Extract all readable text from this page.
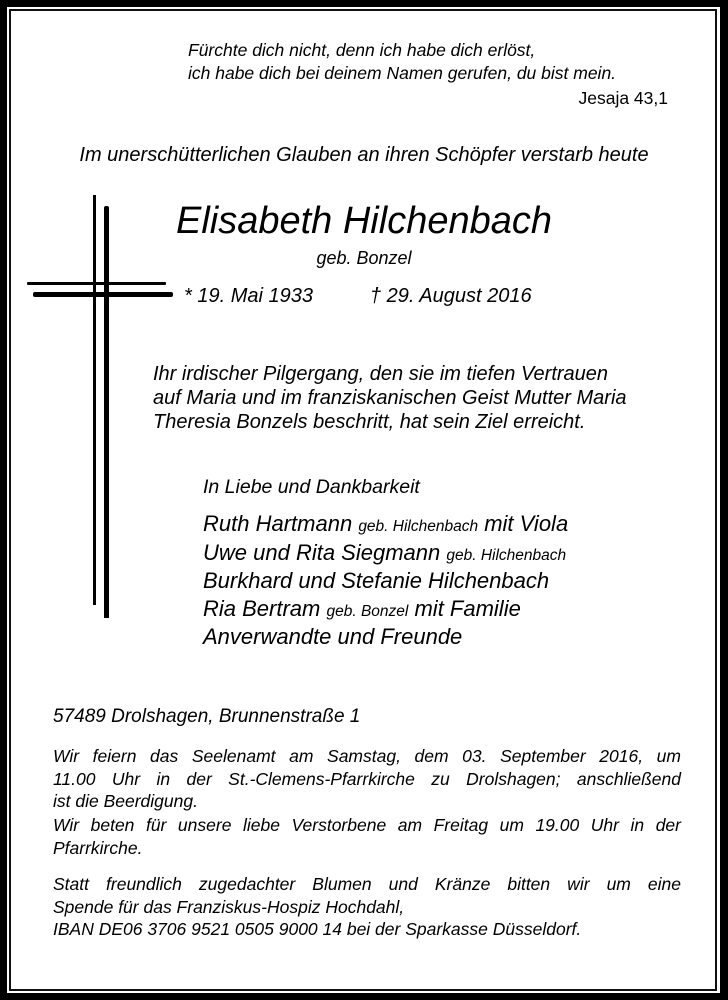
Fürchte dich nicht, denn ich habe dich erlöst,
ich habe dich bei deinem Namen gerufen, du bist mein.
Jesaja 43,1
Im unerschütterlichen Glauben an ihren Schöpfer verstarb heute
Elisabeth Hilchenbach
geb. Bonzel
* 19. Mai 1933	† 29. August 2016
Ihr irdischer Pilgergang, den sie im tiefen Vertrauen
auf Maria und im franziskanischen Geist Mutter Maria
Theresia Bonzels beschritt, hat sein Ziel erreicht.
In Liebe und Dankbarkeit
Ruth Hartmann geb. Hilchenbach mit Viola
Uwe und Rita Siegmann geb. Hilchenbach
Burkhard und Stefanie Hilchenbach
Ria Bertram geb. Bonzel mit Familie
Anverwandte und Freunde
57489 Drolshagen, Brunnenstraße 1
Wir feiern das Seelenamt am Samstag, dem 03. September 2016, um
11.00 Uhr in der St.-Clemens-Pfarrkirche zu Drolshagen; anschließend
ist die Beerdigung.
Wir beten für unsere liebe Verstorbene am Freitag um 19.00 Uhr in der
Pfarrkirche.
Statt freundlich zugedachter Blumen und Kränze bitten wir um eine
Spende für das Franziskus-Hospiz Hochdahl,
IBAN DE06 3706 9521 0505 9000 14 bei der Sparkasse Düsseldorf.
